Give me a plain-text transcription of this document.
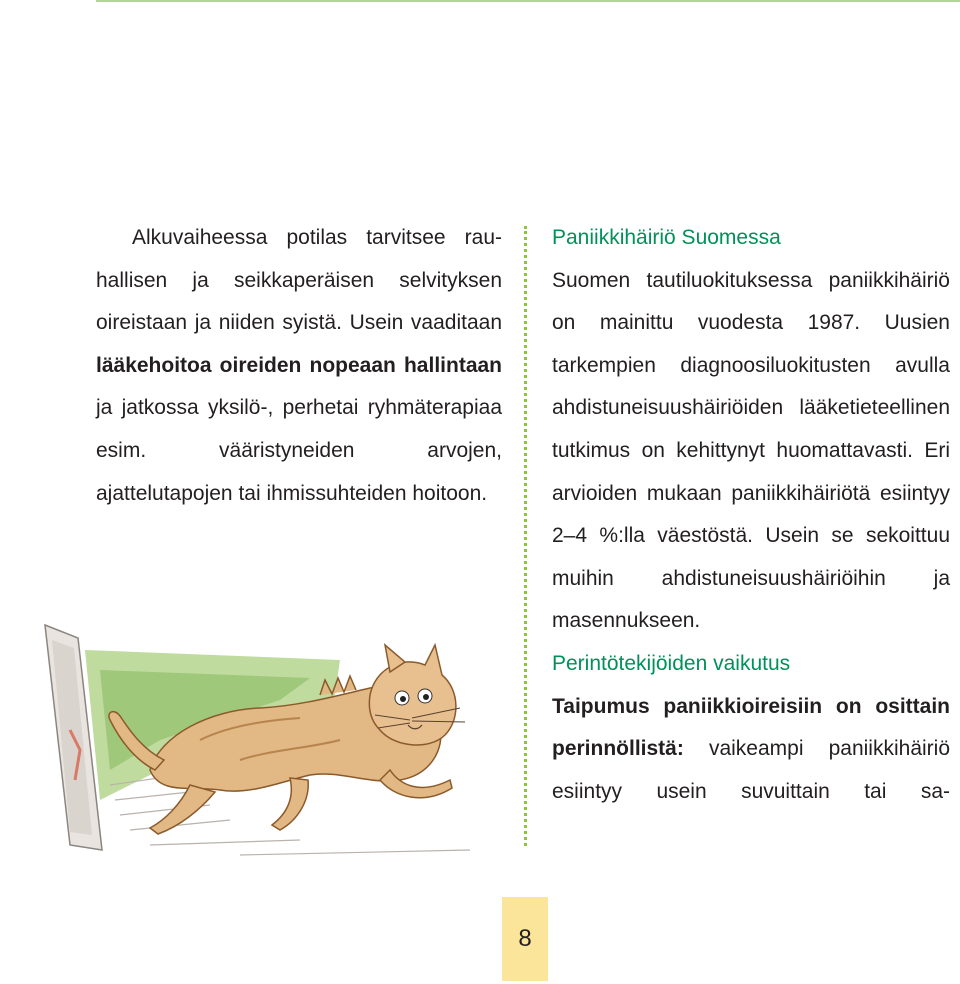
Alkuvaiheessa potilas tarvitsee rauhallisen ja seikkaperäisen selvityksen oireistaan ja niiden syistä. Usein vaaditaan lääkehoitoa oireiden nopeaan hallintaan ja jatkossa yksilö-, perhetai ryhmäterapiaa esim. vääristyneiden arvojen, ajattelutapojen tai ihmissuhteiden hoitoon.

Paniikkihäiriö Suomessa

Suomen tautiluokituksessa paniikkihäiriö on mainittu vuodesta 1987. Uusien tarkempien diagnoosiluokitusten avulla ahdistuneisuushäiriöiden lääketieteellinen tutkimus on kehittynyt huomattavasti. Eri arvioiden mukaan paniikkihäiriötä esiintyy 2–4 %:lla väestöstä. Usein se sekoittuu muihin ahdistuneisuushäiriöihin ja masennukseen.

Perintötekijöiden vaikutus

Taipumus paniikkioireisiin on osittain perinnöllistä: vaikeampi paniikkihäiriö esiintyy usein suvuittain tai sa-

8
